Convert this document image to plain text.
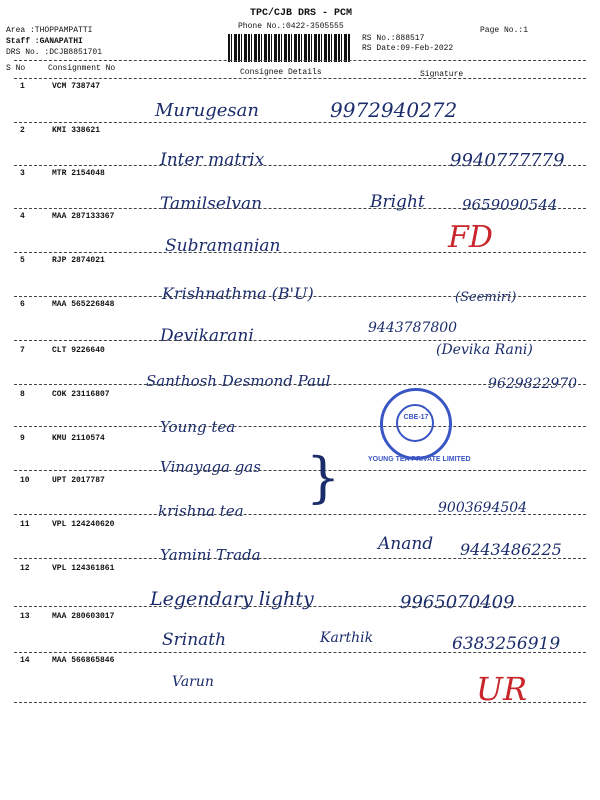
TPC/CJB DRS - PCM
Phone No.:0422-3505555
Area :THOPPAMPATTI
Staff :GANAPATHI
DRS No. :DCJB8851701
RS No.:888517
RS Date:09-Feb-2022
Page No.:1
S No	Consignment No	Consignee Details	Signature
1	VCM 738747
Murugesan	9972940272
2	KMI 338621
Inter matrix	9940777779
3	MTR 2154048
Tamilselvan	Bright 9659090544
4	MAA 287133367
Subramanian	FD
5	RJP 2874021
Krishnathma (B'U)	(Seemiri)
6	MAA 565226848
Devikarani	9443787800
(Devika Rani)
7	CLT 9226640
Santhosh Desmond Paul	9629822970
8	COK 23116807
Young tea
9	KMU 2110574
Vinayaga gas
10	UPT 2017787
krishna tea	9003694504
11	VPL 124240620
Yamini Trada
Anand 9443486225
12	VPL 124361861
Legendary lighty	9965070409
13	MAA 280603017
Srinath	Karthik	6383256919
14	MAA 566865846
Varun	UR
CBE-17
YOUNG TEA PRIVATE LIMITED
}
